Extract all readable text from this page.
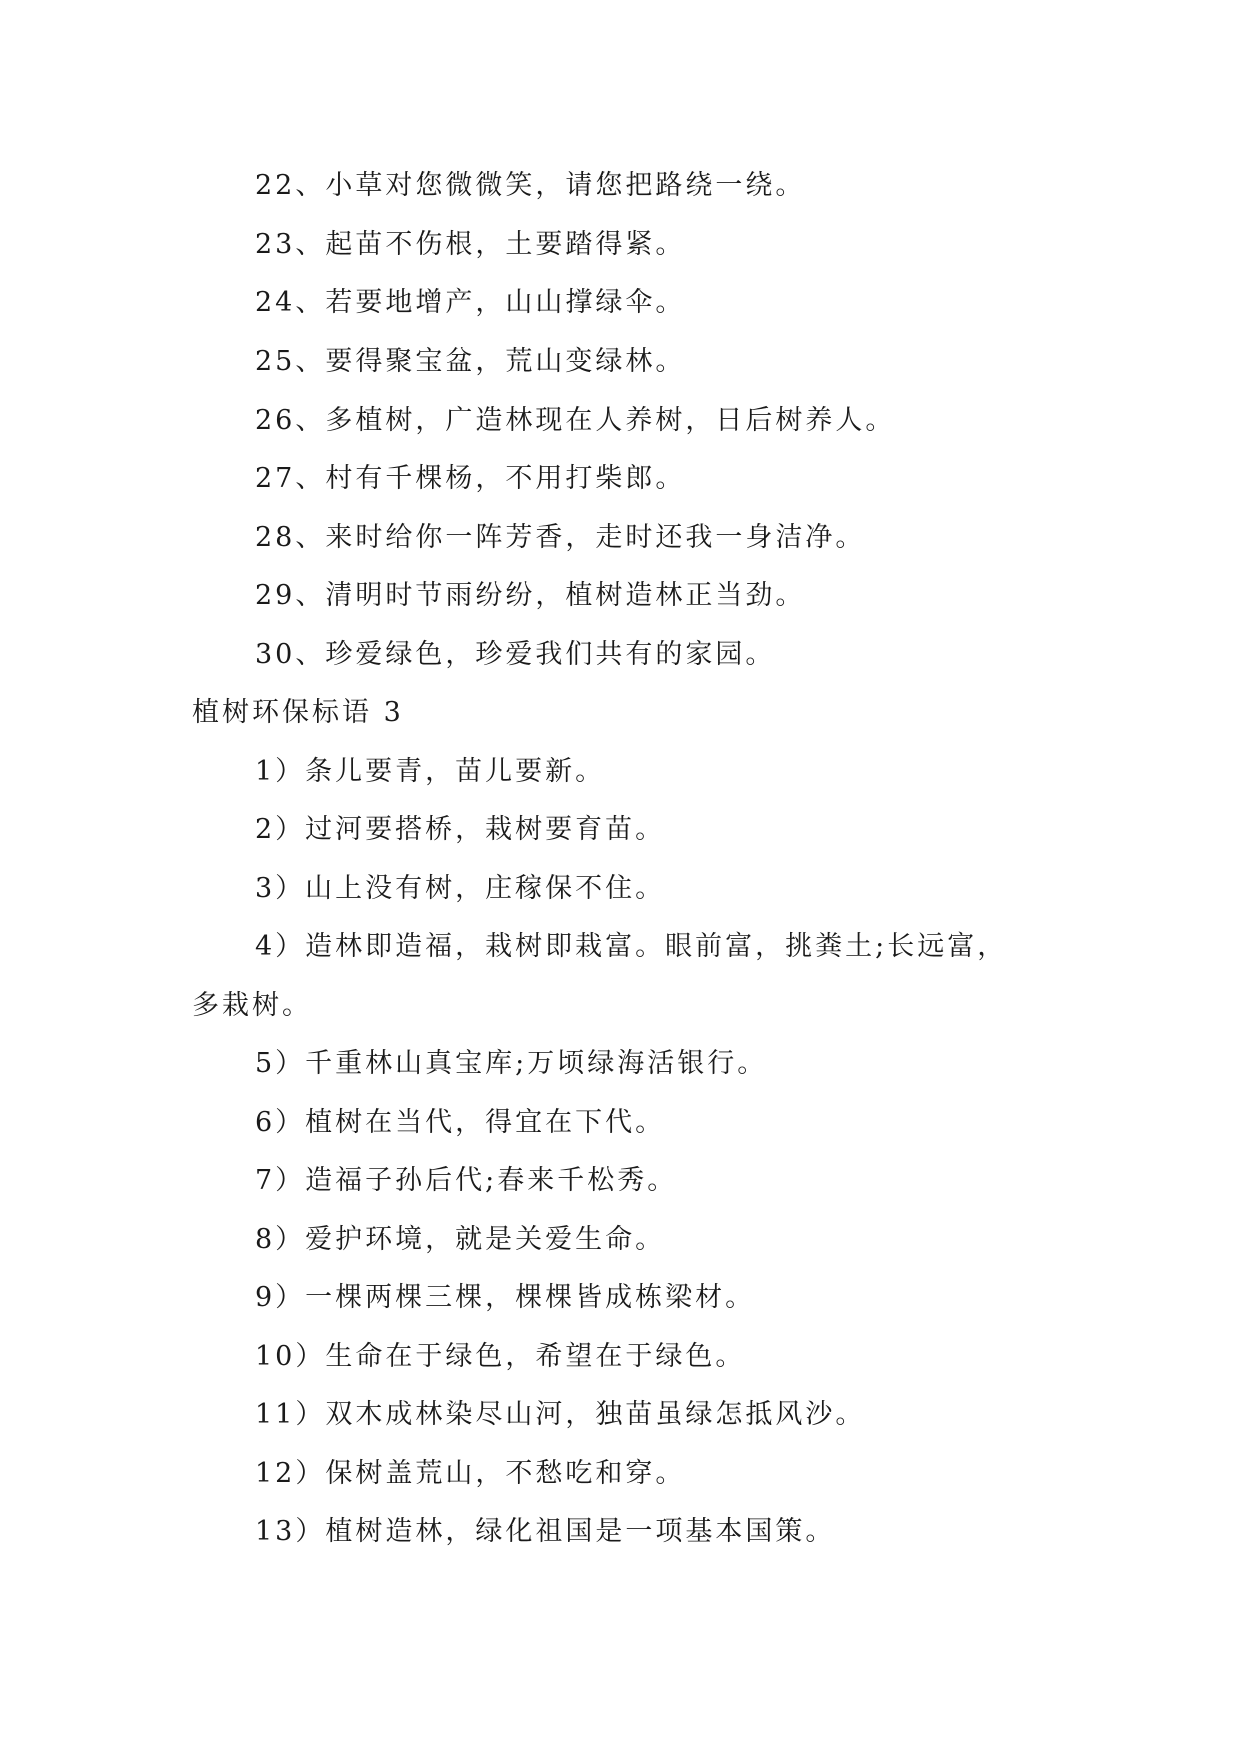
22、小草对您微微笑，请您把路绕一绕。
23、起苗不伤根，土要踏得紧。
24、若要地增产，山山撑绿伞。
25、要得聚宝盆，荒山变绿林。
26、多植树，广造林现在人养树，日后树养人。
27、村有千棵杨，不用打柴郎。
28、来时给你一阵芳香，走时还我一身洁净。
29、清明时节雨纷纷，植树造林正当劲。
30、珍爱绿色，珍爱我们共有的家园。
植树环保标语 3
1）条儿要青，苗儿要新。
2）过河要搭桥，栽树要育苗。
3）山上没有树，庄稼保不住。
4）造林即造福，栽树即栽富。眼前富，挑粪土;长远富，
多栽树。
5）千重林山真宝库;万顷绿海活银行。
6）植树在当代，得宜在下代。
7）造福子孙后代;春来千松秀。
8）爱护环境，就是关爱生命。
9）一棵两棵三棵，棵棵皆成栋梁材。
10）生命在于绿色，希望在于绿色。
11）双木成林染尽山河，独苗虽绿怎抵风沙。
12）保树盖荒山，不愁吃和穿。
13）植树造林，绿化祖国是一项基本国策。
